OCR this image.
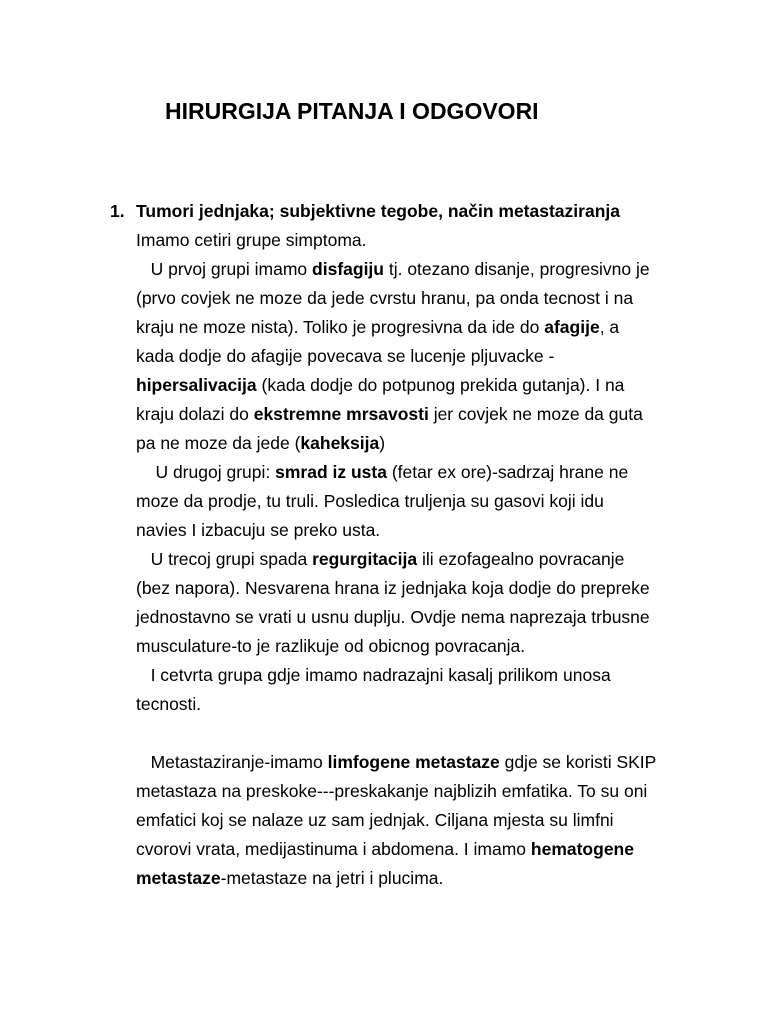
HIRURGIJA PITANJA I ODGOVORI
1. Tumori jednjaka; subjektivne tegobe, način metastaziranja
Imamo cetiri grupe simptoma.
U prvoj grupi imamo disfagiju tj. otezano disanje, progresivno je
(prvo covjek ne moze da jede cvrstu hranu, pa onda tecnost i na
kraju ne moze nista). Toliko je progresivna da ide do afagije, a
kada dodje do afagije povecava se lucenje pljuvacke -
hipersalivacija (kada dodje do potpunog prekida gutanja). I na
kraju dolazi do ekstremne mrsavosti jer covjek ne moze da guta
pa ne moze da jede (kaheksija)
U drugoj grupi: smrad iz usta (fetar ex ore)-sadrzaj hrane ne
moze da prodje, tu truli. Posledica truljenja su gasovi koji idu
navies I izbacuju se preko usta.
U trecoj grupi spada regurgitacija ili ezofagealno povracanje
(bez napora). Nesvarena hrana iz jednjaka koja dodje do prepreke
jednostavno se vrati u usnu duplju. Ovdje nema naprezaja trbusne
musculature-to je razlikuje od obicnog povracanja.
I cetvrta grupa gdje imamo nadrazajni kasalj prilikom unosa
tecnosti.
Metastaziranje-imamo limfogene metastaze gdje se koristi SKIP
metastaza na preskoke---preskakanje najblizih emfatika. To su oni
emfatici koj se nalaze uz sam jednjak. Ciljana mjesta su limfni
cvorovi vrata, medijastinuma i abdomena. I imamo hematogene
metastaze-metastaze na jetri i plucima.
